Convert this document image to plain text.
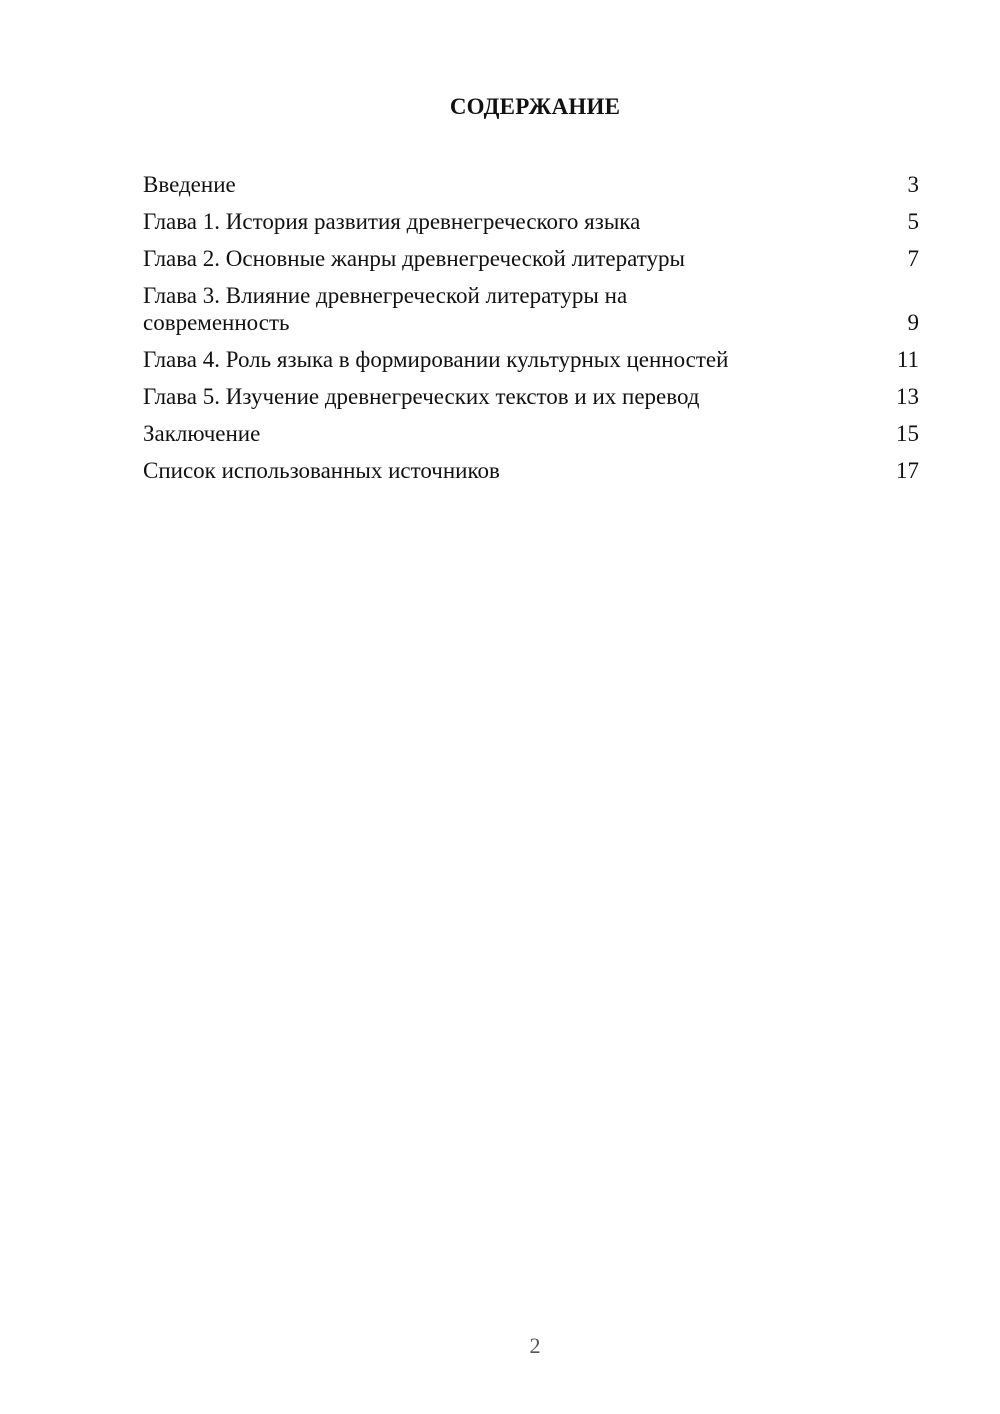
СОДЕРЖАНИЕ
Введение	3
Глава 1. История развития древнегреческого языка	5
Глава 2. Основные жанры древнегреческой литературы	7
Глава 3. Влияние древнегреческой литературы на современность	9
Глава 4. Роль языка в формировании культурных ценностей	11
Глава 5. Изучение древнегреческих текстов и их перевод	13
Заключение	15
Список использованных источников	17
2
